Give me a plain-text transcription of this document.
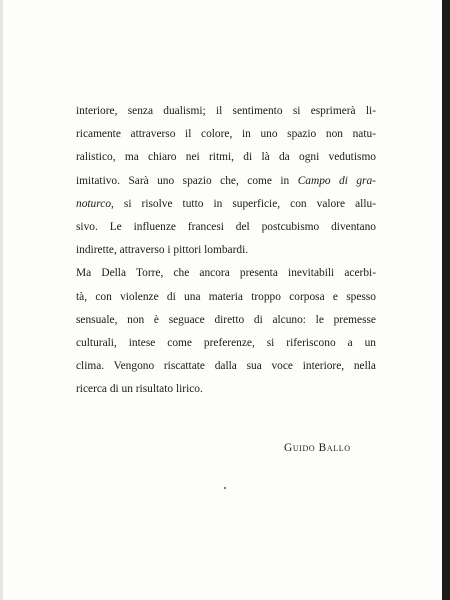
interiore, senza dualismi; il sentimento si esprimerà li-
ricamente attraverso il colore, in uno spazio non natu-
ralistico, ma chiaro nei ritmi, di là da ogni vedutismo
imitativo. Sarà uno spazio che, come in Campo di gra-
noturco, si risolve tutto in superficie, con valore allu-
sivo. Le influenze francesi del postcubismo diventano
indirette, attraverso i pittori lombardi.
Ma Della Torre, che ancora presenta inevitabili acerbi-
tà, con violenze di una materia troppo corposa e spesso
sensuale, non è seguace diretto di alcuno: le premesse
culturali, intese come preferenze, si riferiscono a un
clima. Vengono riscattate dalla sua voce interiore, nella
ricerca di un risultato lirico.
Guido Ballo
